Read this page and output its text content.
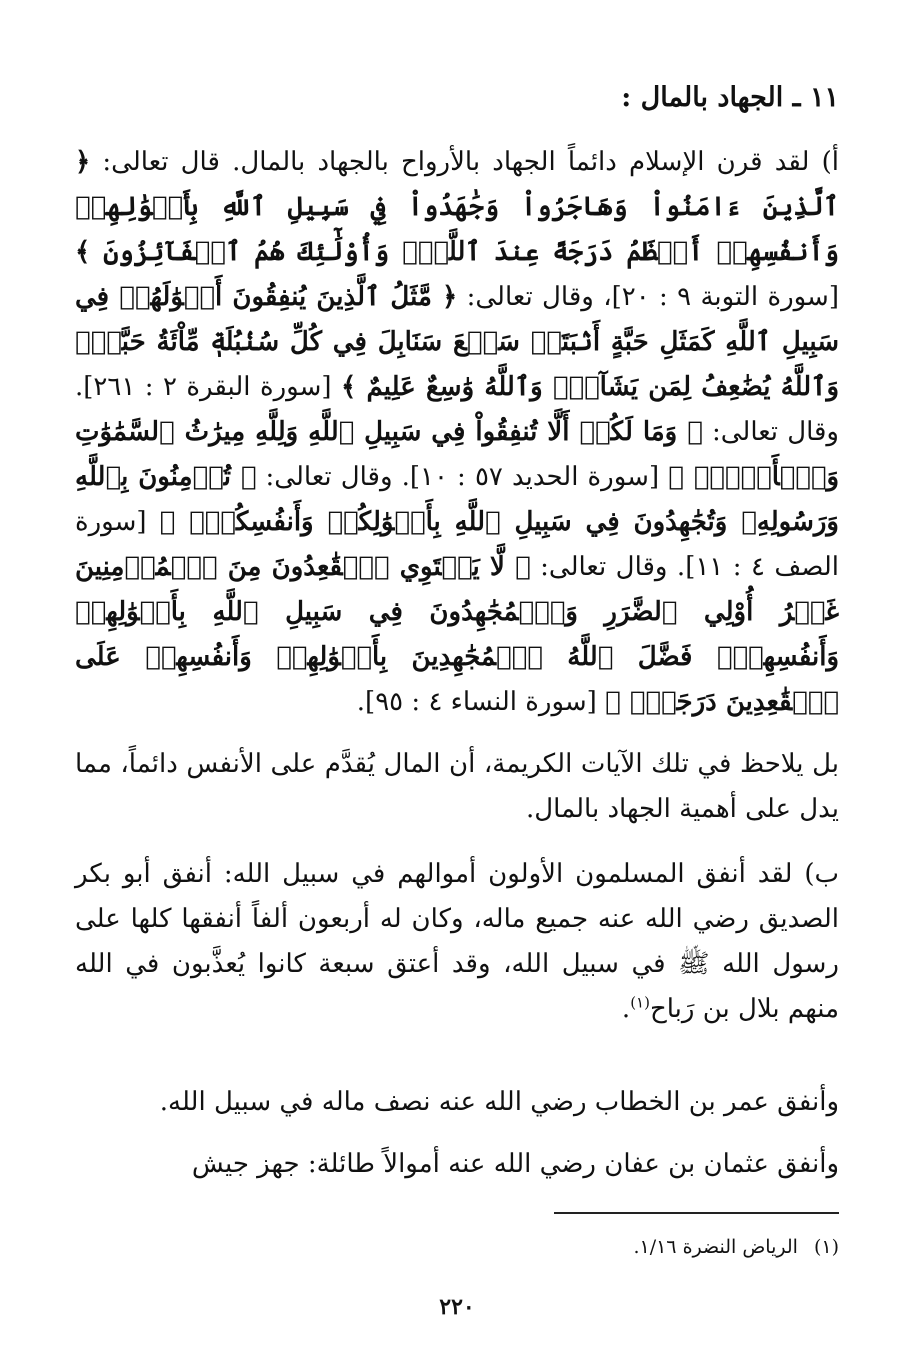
١١ ـ الجهاد بالمال :

أ) لقد قرن الإسلام دائماً الجهاد بالأرواح بالجهاد بالمال. قال تعالى: ﴿ ٱلَّذِينَ ءَامَنُواْ وَهَاجَرُواْ وَجَٰهَدُواْ فِي سَبِيلِ ٱللَّهِ بِأَمۡوَٰلِهِمۡ وَأَنفُسِهِمۡ أَعۡظَمُ دَرَجَةً عِندَ ٱللَّهِۚ وَأُوْلَٰٓئِكَ هُمُ ٱلۡفَآئِزُونَ ﴾ [سورة التوبة ٩ : ٢٠]، وقال تعالى: ﴿ مَّثَلُ ٱلَّذِينَ يُنفِقُونَ أَمۡوَٰلَهُمۡ فِي سَبِيلِ ٱللَّهِ كَمَثَلِ حَبَّةٍ أَنۢبَتَتۡ سَبۡعَ سَنَابِلَ فِي كُلِّ سُنۢبُلَةٖ مِّاْئَةُ حَبَّةٖۗ وَٱللَّهُ يُضَٰعِفُ لِمَن يَشَآءُۚ وَٱللَّهُ وَٰسِعٌ عَلِيمٌ ﴾ [سورة البقرة ٢ : ٢٦١]. وقال تعالى: ﴿ وَمَا لَكُمۡ أَلَّا تُنفِقُواْ فِي سَبِيلِ ٱللَّهِ وَلِلَّهِ مِيرَٰثُ ٱلسَّمَٰوَٰتِ وَٱلۡأَرۡضِۚ ﴾ [سورة الحديد ٥٧ : ١٠]. وقال تعالى: ﴿ تُؤۡمِنُونَ بِٱللَّهِ وَرَسُولِهِۦ وَتُجَٰهِدُونَ فِي سَبِيلِ ٱللَّهِ بِأَمۡوَٰلِكُمۡ وَأَنفُسِكُمۡۚ ﴾ [سورة الصف ٤ : ١١]. وقال تعالى: ﴿ لَّا يَسۡتَوِي ٱلۡقَٰعِدُونَ مِنَ ٱلۡمُؤۡمِنِينَ غَيۡرُ أُوْلِي ٱلضَّرَرِ وَٱلۡمُجَٰهِدُونَ فِي سَبِيلِ ٱللَّهِ بِأَمۡوَٰلِهِمۡ وَأَنفُسِهِمۡۚ فَضَّلَ ٱللَّهُ ٱلۡمُجَٰهِدِينَ بِأَمۡوَٰلِهِمۡ وَأَنفُسِهِمۡ عَلَى ٱلۡقَٰعِدِينَ دَرَجَةٗۚ ﴾ [سورة النساء ٤ : ٩٥].

بل يلاحظ في تلك الآيات الكريمة، أن المال يُقدَّم على الأنفس دائماً، مما يدل على أهمية الجهاد بالمال.

ب) لقد أنفق المسلمون الأولون أموالهم في سبيل الله: أنفق أبو بكر الصديق رضي الله عنه جميع ماله، وكان له أربعون ألفاً أنفقها كلها على رسول الله ﷺ في سبيل الله، وقد أعتق سبعة كانوا يُعذَّبون في الله منهم بلال بن رَباح$^{(١)}$.

وأنفق عمر بن الخطاب رضي الله عنه نصف ماله في سبيل الله.

وأنفق عثمان بن عفان رضي الله عنه أموالاً طائلة: جهز جيش

(١)الرياض النضرة ١/١٦.
٢٢٠
